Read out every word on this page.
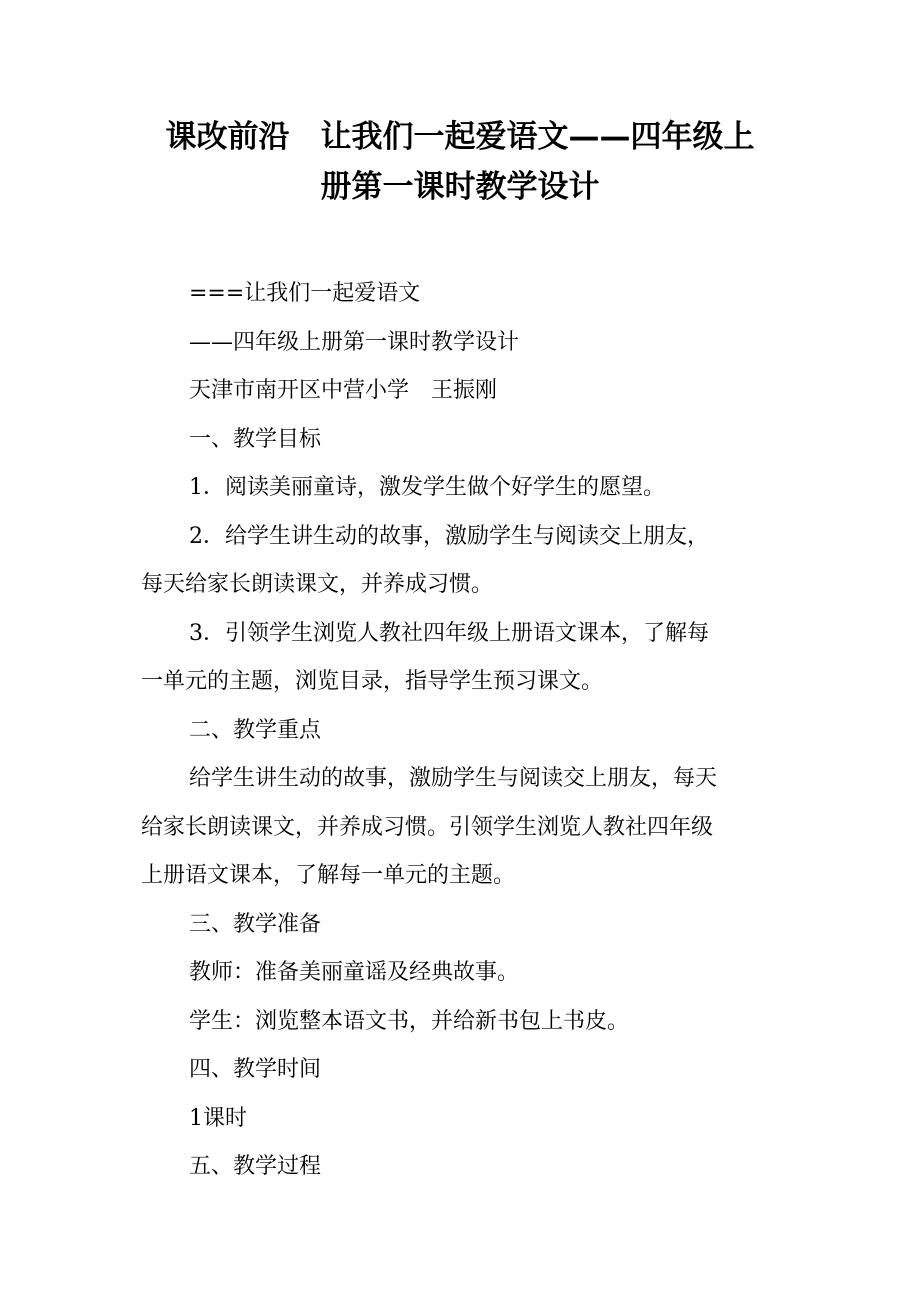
课改前沿　让我们一起爱语文——四年级上
册第一课时教学设计

===让我们一起爱语文

——四年级上册第一课时教学设计

天津市南开区中营小学　王振刚

一、教学目标

1．阅读美丽童诗，激发学生做个好学生的愿望。

2．给学生讲生动的故事，激励学生与阅读交上朋友，
每天给家长朗读课文，并养成习惯。
3．引领学生浏览人教社四年级上册语文课本，了解每
一单元的主题，浏览目录，指导学生预习课文。

二、教学重点

给学生讲生动的故事，激励学生与阅读交上朋友，每天
给家长朗读课文，并养成习惯。引领学生浏览人教社四年级
上册语文课本，了解每一单元的主题。

三、教学准备

教师：准备美丽童谣及经典故事。

学生：浏览整本语文书，并给新书包上书皮。

四、教学时间

1课时

五、教学过程
